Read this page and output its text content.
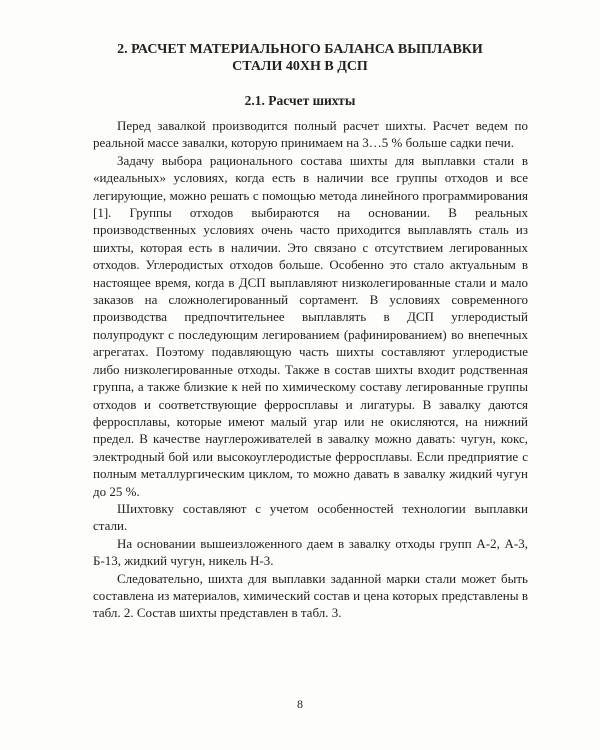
2. РАСЧЕТ МАТЕРИАЛЬНОГО БАЛАНСА ВЫПЛАВКИ
СТАЛИ 40ХН В ДСП
2.1. Расчет шихты

Перед завалкой производится полный расчет шихты. Расчет ведем по реальной массе завалки, которую принимаем на 3…5 % больше садки печи.

Задачу выбора рационального состава шихты для выплавки стали в «идеальных» условиях, когда есть в наличии все группы отходов и все легирующие, можно решать с помощью метода линейного программирования [1]. Группы отходов выбираются на основании. В реальных производственных условиях очень часто приходится выплавлять сталь из шихты, которая есть в наличии. Это связано с отсутствием легированных отходов. Углеродистых отходов больше. Особенно это стало актуальным в настоящее время, когда в ДСП выплавляют низколегированные стали и мало заказов на сложнолегированный сортамент. В условиях современного производства предпочтительнее выплавлять в ДСП углеродистый полупродукт с последующим легированием (рафинированием) во внепечных агрегатах. Поэтому подавляющую часть шихты составляют углеродистые либо низколегированные отходы. Также в состав шихты входит родственная группа, а также близкие к ней по химическому составу легированные группы отходов и соответствующие ферросплавы и лигатуры. В завалку даются ферросплавы, которые имеют малый угар или не окисляются, на нижний предел. В качестве науглероживателей в завалку можно давать: чугун, кокс, электродный бой или высокоуглеродистые ферросплавы. Если предприятие с полным металлургическим циклом, то можно давать в завалку жидкий чугун до 25 %.

Шихтовку составляют с учетом особенностей технологии выплавки стали.

На основании вышеизложенного даем в завалку отходы групп А-2, А-3, Б-13, жидкий чугун, никель Н-3.

Следовательно, шихта для выплавки заданной марки стали может быть составлена из материалов, химический состав и цена которых представлены в табл. 2. Состав шихты представлен в табл. 3.

8
